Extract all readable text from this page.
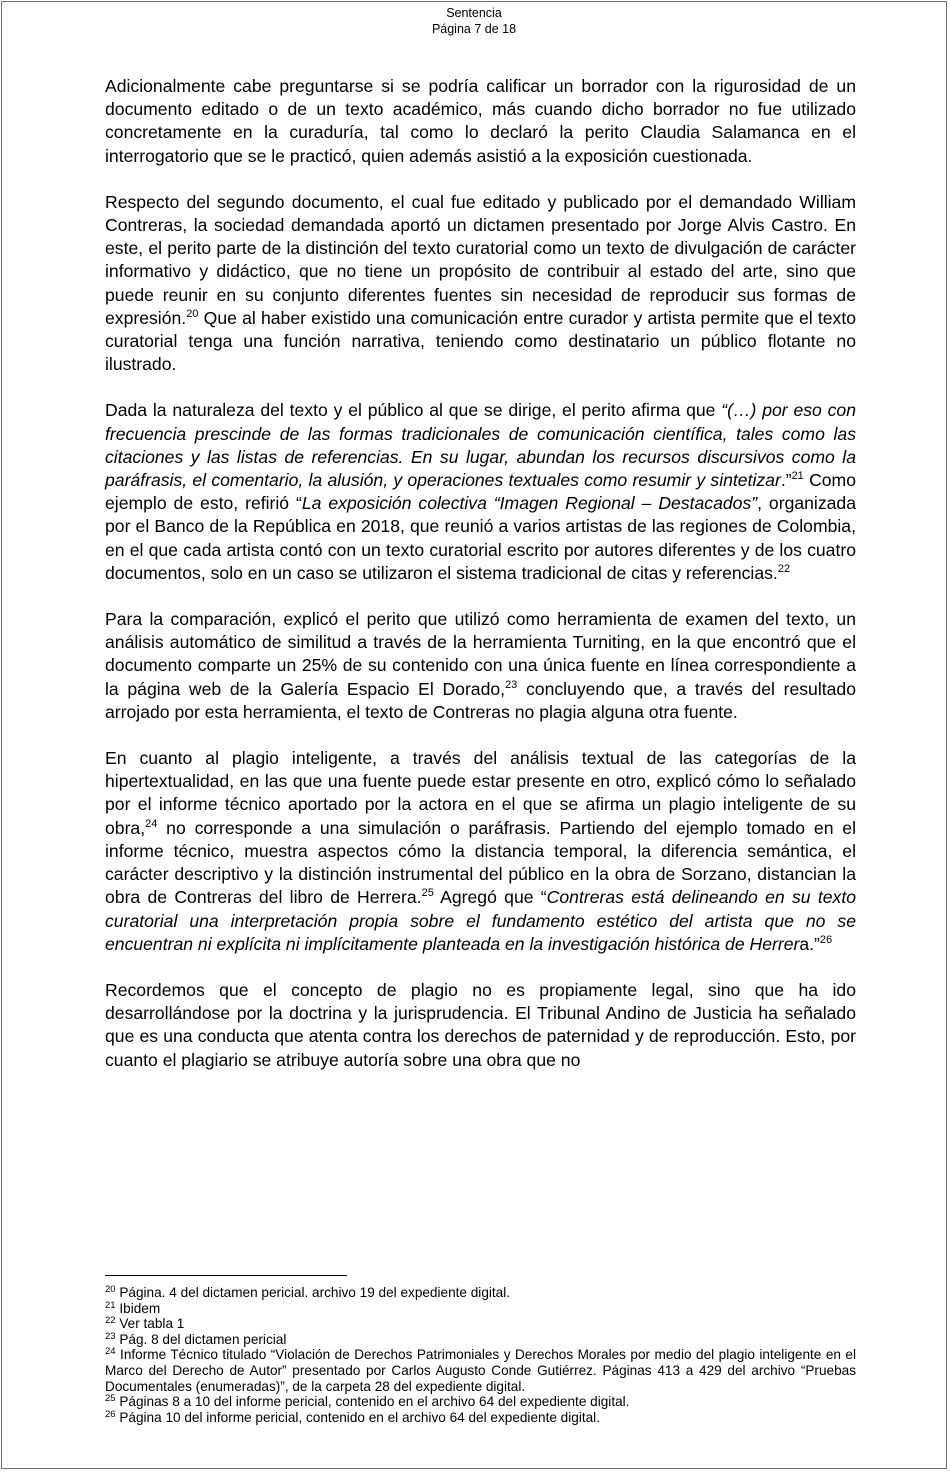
Sentencia
Página 7 de 18

Adicionalmente cabe preguntarse si se podría calificar un borrador con la rigurosidad de un documento editado o de un texto académico, más cuando dicho borrador no fue utilizado concretamente en la curaduría, tal como lo declaró la perito Claudia Salamanca en el interrogatorio que se le practicó, quien además asistió a la exposición cuestionada.

Respecto del segundo documento, el cual fue editado y publicado por el demandado William Contreras, la sociedad demandada aportó un dictamen presentado por Jorge Alvis Castro. En este, el perito parte de la distinción del texto curatorial como un texto de divulgación de carácter informativo y didáctico, que no tiene un propósito de contribuir al estado del arte, sino que puede reunir en su conjunto diferentes fuentes sin necesidad de reproducir sus formas de expresión.$^{20}$ Que al haber existido una comunicación entre curador y artista permite que el texto curatorial tenga una función narrativa, teniendo como destinatario un público flotante no ilustrado.

Dada la naturaleza del texto y el público al que se dirige, el perito afirma que “(…) por eso con frecuencia prescinde de las formas tradicionales de comunicación científica, tales como las citaciones y las listas de referencias. En su lugar, abundan los recursos discursivos como la paráfrasis, el comentario, la alusión, y operaciones textuales como resumir y sintetizar.”$^{21}$ Como ejemplo de esto, refirió “La exposición colectiva “Imagen Regional – Destacados”, organizada por el Banco de la República en 2018, que reunió a varios artistas de las regiones de Colombia, en el que cada artista contó con un texto curatorial escrito por autores diferentes y de los cuatro documentos, solo en un caso se utilizaron el sistema tradicional de citas y referencias.$^{22}$

Para la comparación, explicó el perito que utilizó como herramienta de examen del texto, un análisis automático de similitud a través de la herramienta Turniting, en la que encontró que el documento comparte un 25% de su contenido con una única fuente en línea correspondiente a la página web de la Galería Espacio El Dorado,$^{23}$ concluyendo que, a través del resultado arrojado por esta herramienta, el texto de Contreras no plagia alguna otra fuente.

En cuanto al plagio inteligente, a través del análisis textual de las categorías de la hipertextualidad, en las que una fuente puede estar presente en otro, explicó cómo lo señalado por el informe técnico aportado por la actora en el que se afirma un plagio inteligente de su obra,$^{24}$ no corresponde a una simulación o paráfrasis. Partiendo del ejemplo tomado en el informe técnico, muestra aspectos cómo la distancia temporal, la diferencia semántica, el carácter descriptivo y la distinción instrumental del público en la obra de Sorzano, distancian la obra de Contreras del libro de Herrera.$^{25}$ Agregó que “Contreras está delineando en su texto curatorial una interpretación propia sobre el fundamento estético del artista que no se encuentran ni explícita ni implícitamente planteada en la investigación histórica de Herrera.”$^{26}$

Recordemos que el concepto de plagio no es propiamente legal, sino que ha ido desarrollándose por la doctrina y la jurisprudencia. El Tribunal Andino de Justicia ha señalado que es una conducta que atenta contra los derechos de paternidad y de reproducción. Esto, por cuanto el plagiario se atribuye autoría sobre una obra que no

$^{20}$ Página. 4 del dictamen pericial. archivo 19 del expediente digital.
$^{21}$ Ibidem
$^{22}$ Ver tabla 1
$^{23}$ Pág. 8 del dictamen pericial
$^{24}$ Informe Técnico titulado “Violación de Derechos Patrimoniales y Derechos Morales por medio del plagio inteligente en el Marco del Derecho de Autor” presentado por Carlos Augusto Conde Gutiérrez. Páginas 413 a 429 del archivo “Pruebas Documentales (enumeradas)”, de la carpeta 28 del expediente digital.
$^{25}$ Páginas 8 a 10 del informe pericial, contenido en el archivo 64 del expediente digital.
$^{26}$ Página 10 del informe pericial, contenido en el archivo 64 del expediente digital.
